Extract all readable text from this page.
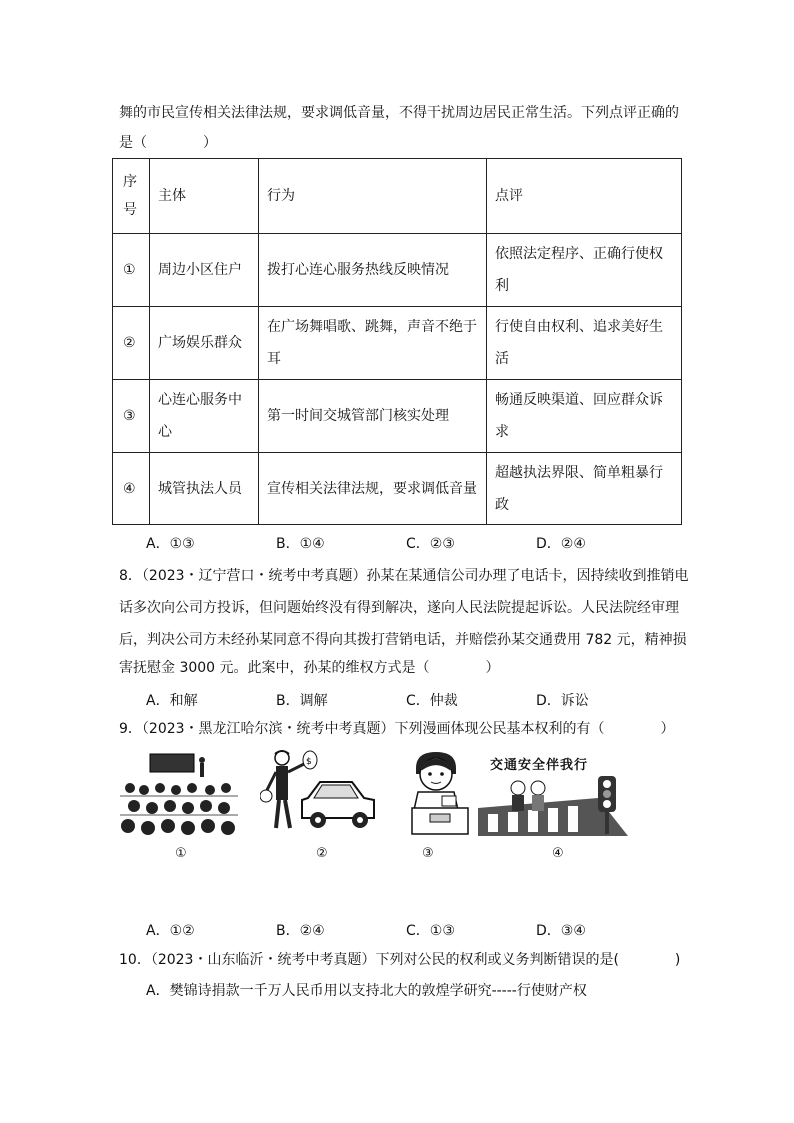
舞的市民宣传相关法律法规，要求调低音量，不得干扰周边居民正常生活。下列点评正确的
是（　　　　）
序号	主体	行为	点评
①	周边小区住户	拨打心连心服务热线反映情况	依照法定程序、正确行使权利
②	广场娱乐群众	在广场舞唱歌、跳舞，声音不绝于耳	行使自由权利、追求美好生活
③	心连心服务中心	第一时间交城管部门核实处理	畅通反映渠道、回应群众诉求
④	城管执法人员	宣传相关法律法规，要求调低音量	超越执法界限、简单粗暴行政
A．①③	B．①④	C．②③	D．②④
8．（2023・辽宁营口・统考中考真题）孙某在某通信公司办理了电话卡，因持续收到推销电
话多次向公司方投诉，但问题始终没有得到解决，遂向人民法院提起诉讼。人民法院经审理
后，判决公司方未经孙某同意不得向其拨打营销电话，并赔偿孙某交通费用 782 元，精神损
害抚慰金 3000 元。此案中，孙某的维权方式是（　　　　）
A．和解	B．调解	C．仲裁	D．诉讼
9．（2023・黑龙江哈尔滨・统考中考真题）下列漫画体现公民基本权利的有（　　　　）
①
$
②	③
交通安全伴我行
④
A．①②	B．②④	C．①③	D．③④
10．（2023・山东临沂・统考中考真题）下列对公民的权利或义务判断错误的是(　　　　)
A．樊锦诗捐款一千万人民币用以支持北大的敦煌学研究-----行使财产权
